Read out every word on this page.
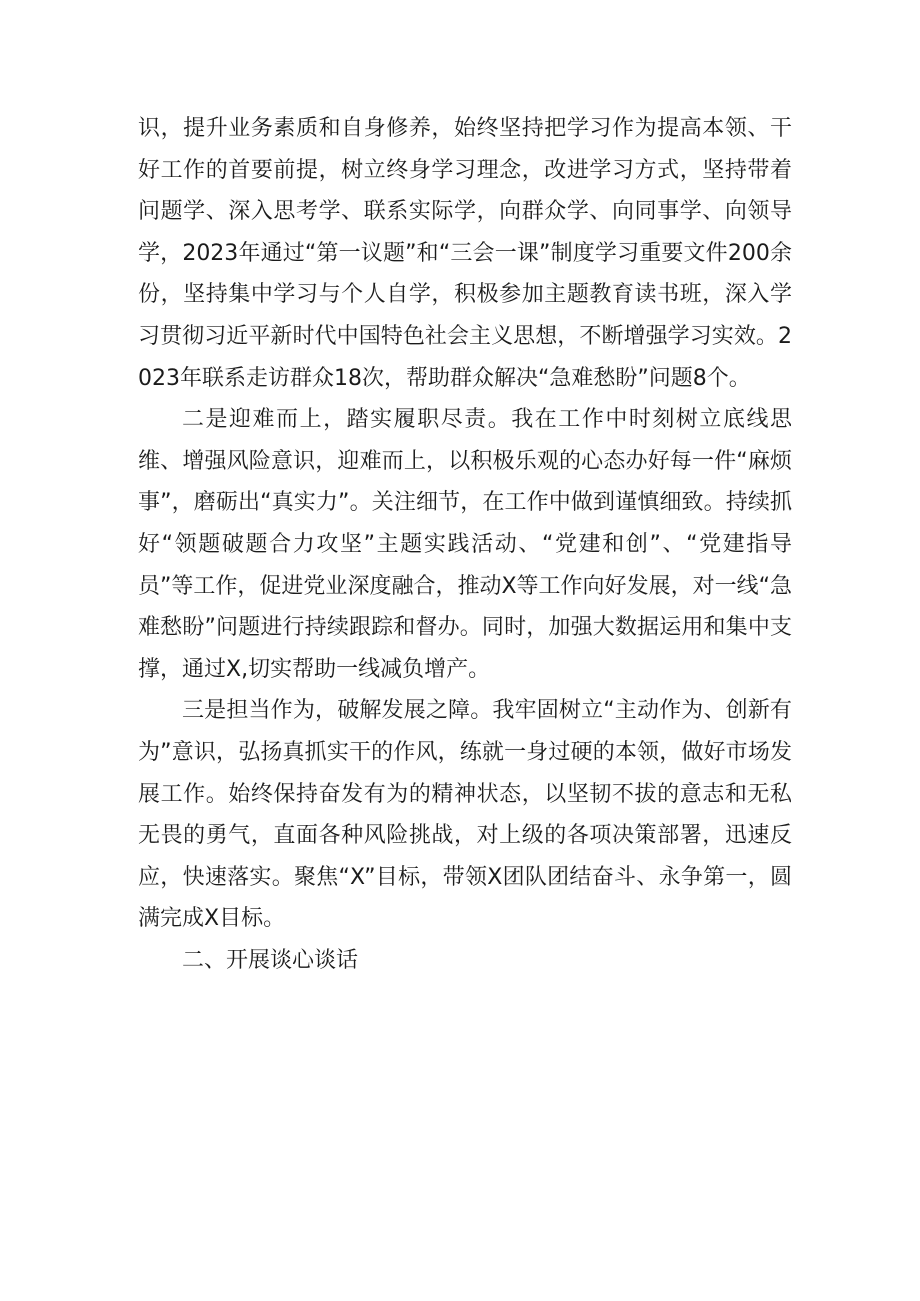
识，提升业务素质和自身修养，始终坚持把学习作为提高本领、干好工作的首要前提，树立终身学习理念，改进学习方式，坚持带着问题学、深入思考学、联系实际学，向群众学、向同事学、向领导学，2023年通过“第一议题”和“三会一课”制度学习重要文件200余份，坚持集中学习与个人自学，积极参加主题教育读书班，深入学习贯彻习近平新时代中国特色社会主义思想，不断增强学习实效。2023年联系走访群众18次，帮助群众解决“急难愁盼”问题8个。

二是迎难而上，踏实履职尽责。我在工作中时刻树立底线思维、增强风险意识，迎难而上，以积极乐观的心态办好每一件“麻烦事”，磨砺出“真实力”。关注细节，在工作中做到谨慎细致。持续抓好“领题破题合力攻坚”主题实践活动、“党建和创”、“党建指导员”等工作，促进党业深度融合，推动X等工作向好发展，对一线“急难愁盼”问题进行持续跟踪和督办。同时，加强大数据运用和集中支撑，通过X,切实帮助一线减负增产。

三是担当作为，破解发展之障。我牢固树立“主动作为、创新有为”意识，弘扬真抓实干的作风，练就一身过硬的本领，做好市场发展工作。始终保持奋发有为的精神状态，以坚韧不拔的意志和无私无畏的勇气，直面各种风险挑战，对上级的各项决策部署，迅速反应，快速落实。聚焦“X”目标，带领X团队团结奋斗、永争第一，圆满完成X目标。

二、开展谈心谈话
